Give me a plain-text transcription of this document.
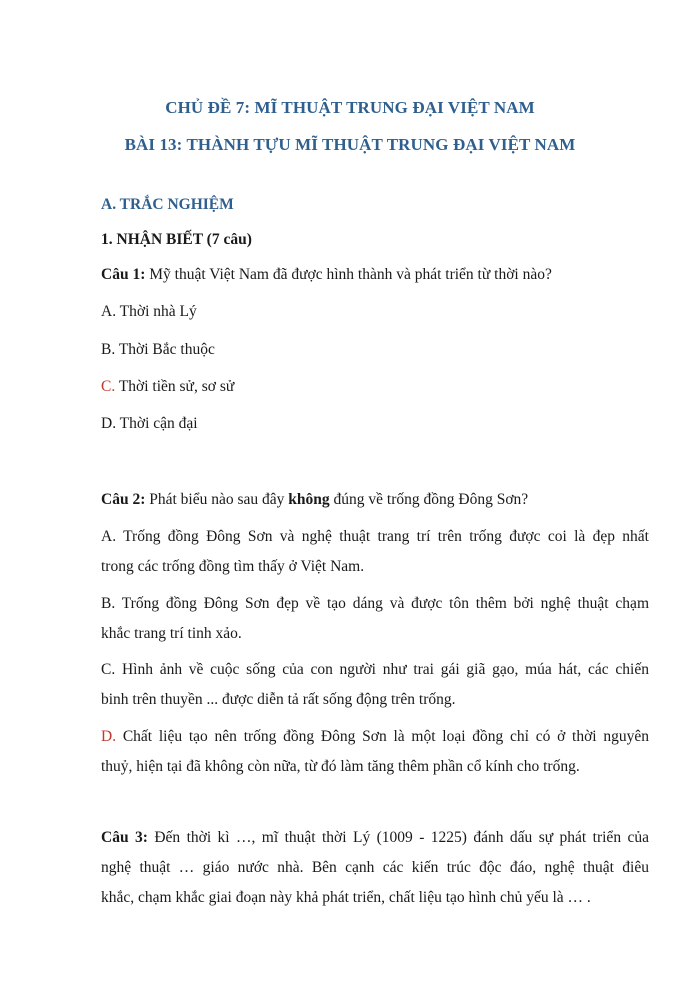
CHỦ ĐỀ 7: MĨ THUẬT TRUNG ĐẠI VIỆT NAM
BÀI 13: THÀNH TỰU MĨ THUẬT TRUNG ĐẠI VIỆT NAM
A. TRẮC NGHIỆM
1. NHẬN BIẾT (7 câu)
Câu 1: Mỹ thuật Việt Nam đã được hình thành và phát triển từ thời nào?
A. Thời nhà Lý
B. Thời Bắc thuộc
C. Thời tiền sử, sơ sử
D. Thời cận đại
Câu 2: Phát biểu nào sau đây không đúng về trống đồng Đông Sơn?
A. Trống đồng Đông Sơn và nghệ thuật trang trí trên trống được coi là đẹp nhất
trong các trống đồng tìm thấy ở Việt Nam.
B. Trống đồng Đông Sơn đẹp về tạo dáng và được tôn thêm bởi nghệ thuật chạm
khắc trang trí tinh xảo.
C. Hình ảnh về cuộc sống của con người như trai gái giã gạo, múa hát, các chiến
binh trên thuyền ... được diễn tả rất sống động trên trống.
D. Chất liệu tạo nên trống đồng Đông Sơn là một loại đồng chỉ có ở thời nguyên
thuỷ, hiện tại đã không còn nữa, từ đó làm tăng thêm phần cổ kính cho trống.
Câu 3: Đến thời kì …, mĩ thuật thời Lý (1009 - 1225) đánh dấu sự phát triển của
nghệ thuật … giáo nước nhà. Bên cạnh các kiến trúc độc đáo, nghệ thuật điêu
khắc, chạm khắc giai đoạn này khả phát triển, chất liệu tạo hình chủ yếu là … .
